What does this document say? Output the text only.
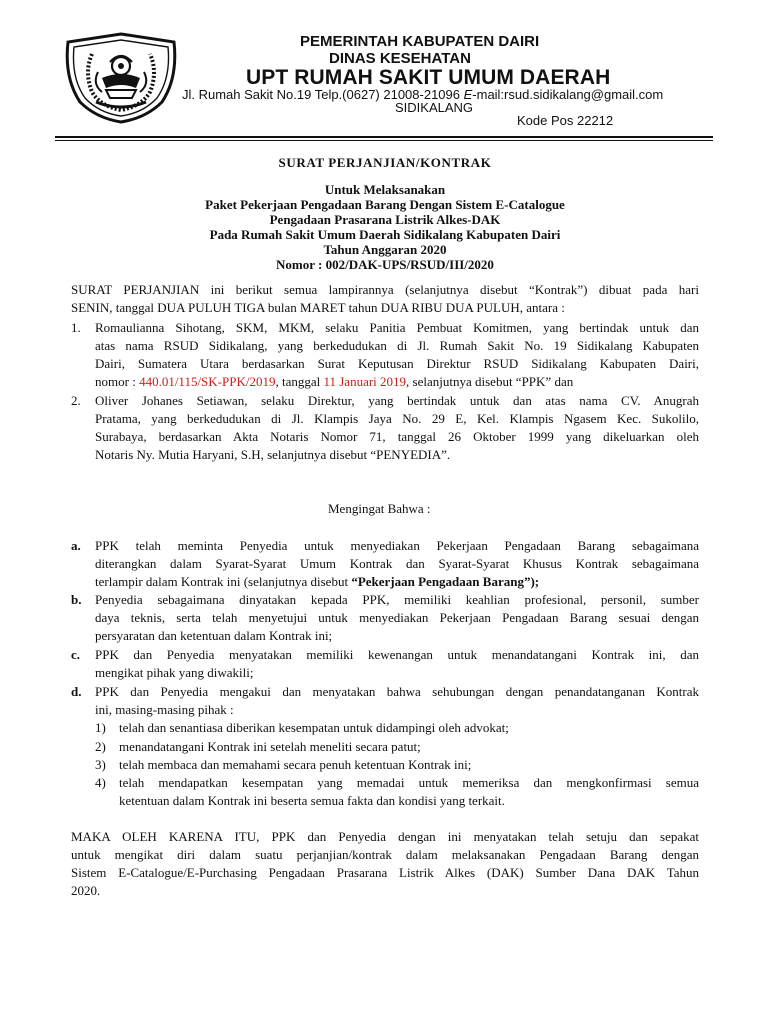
PEMERINTAH KABUPATEN DAIRI
DINAS KESEHATAN
UPT RUMAH SAKIT UMUM DAERAH
Jl. Rumah Sakit No.19 Telp.(0627) 21008-21096 E-mail:rsud.sidikalang@gmail.com
SIDIKALANG
Kode Pos 22212
SURAT PERJANJIAN/KONTRAK
Untuk Melaksanakan
Paket Pekerjaan Pengadaan Barang Dengan Sistem E-Catalogue
Pengadaan Prasarana Listrik Alkes-DAK
Pada Rumah Sakit Umum Daerah Sidikalang Kabupaten Dairi
Tahun Anggaran 2020
Nomor : 002/DAK-UPS/RSUD/III/2020
SURAT PERJANJIAN ini berikut semua lampirannya (selanjutnya disebut “Kontrak”) dibuat pada hari
SENIN, tanggal DUA PULUH TIGA bulan MARET tahun DUA RIBU DUA PULUH, antara :
1. Romaulianna Sihotang, SKM, MKM, selaku Panitia Pembuat Komitmen, yang bertindak untuk dan
atas nama RSUD Sidikalang, yang berkedudukan di Jl. Rumah Sakit No. 19 Sidikalang Kabupaten
Dairi, Sumatera Utara berdasarkan Surat Keputusan Direktur RSUD Sidikalang Kabupaten Dairi,
nomor : 440.01/115/SK-PPK/2019, tanggal 11 Januari 2019, selanjutnya disebut “PPK” dan
2. Oliver Johanes Setiawan, selaku Direktur, yang bertindak untuk dan atas nama CV. Anugrah
Pratama, yang berkedudukan di Jl. Klampis Jaya No. 29 E, Kel. Klampis Ngasem Kec. Sukolilo,
Surabaya, berdasarkan Akta Notaris Nomor 71, tanggal 26 Oktober 1999 yang dikeluarkan oleh
Notaris Ny. Mutia Haryani, S.H, selanjutnya disebut “PENYEDIA”.
Mengingat Bahwa :
a. PPK telah meminta Penyedia untuk menyediakan Pekerjaan Pengadaan Barang sebagaimana
diterangkan dalam Syarat-Syarat Umum Kontrak dan Syarat-Syarat Khusus Kontrak sebagaimana
terlampir dalam Kontrak ini (selanjutnya disebut “Pekerjaan Pengadaan Barang”);
b. Penyedia sebagaimana dinyatakan kepada PPK, memiliki keahlian profesional, personil, sumber
daya teknis, serta telah menyetujui untuk menyediakan Pekerjaan Pengadaan Barang sesuai dengan
persyaratan dan ketentuan dalam Kontrak ini;
c. PPK dan Penyedia menyatakan memiliki kewenangan untuk menandatangani Kontrak ini, dan
mengikat pihak yang diwakili;
d. PPK dan Penyedia mengakui dan menyatakan bahwa sehubungan dengan penandatanganan Kontrak
ini, masing-masing pihak :
1) telah dan senantiasa diberikan kesempatan untuk didampingi oleh advokat;
2) menandatangani Kontrak ini setelah meneliti secara patut;
3) telah membaca dan memahami secara penuh ketentuan Kontrak ini;
4) telah mendapatkan kesempatan yang memadai untuk memeriksa dan mengkonfirmasi semua
ketentuan dalam Kontrak ini beserta semua fakta dan kondisi yang terkait.
MAKA OLEH KARENA ITU, PPK dan Penyedia dengan ini menyatakan telah setuju dan sepakat
untuk mengikat diri dalam suatu perjanjian/kontrak dalam melaksanakan Pengadaan Barang dengan
Sistem E-Catalogue/E-Purchasing Pengadaan Prasarana Listrik Alkes (DAK) Sumber Dana DAK Tahun
2020.
